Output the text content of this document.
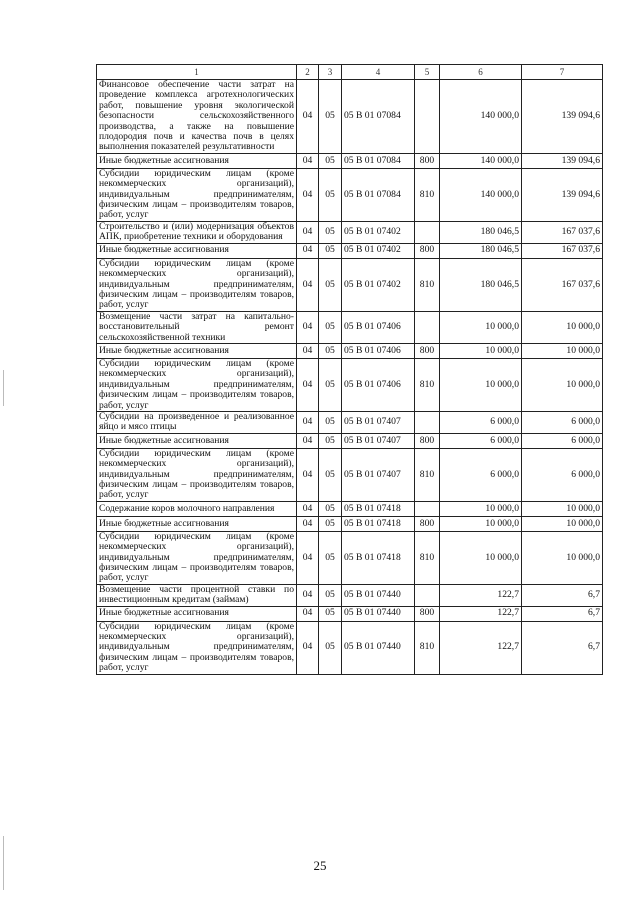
1	2	3	4	5	6	7
Финансовое обеспечение части затрат на проведение комплекса агротехнологических работ, повышение уровня экологической безопасности сельскохозяйственного производства, а также на повышение плодородия почв и качества почв в целях выполнения показателей результативности	04	05	05 В 01 07084		140 000,0	139 094,6
Иные бюджетные ассигнования	04	05	05 В 01 07084	800	140 000,0	139 094,6
Субсидии юридическим лицам (кроме некоммерческих организаций), индивидуальным предпринимателям, физическим лицам – производителям товаров, работ, услуг	04	05	05 В 01 07084	810	140 000,0	139 094,6
Строительство и (или) модернизация объектов АПК, приобретение техники и оборудования	04	05	05 В 01 07402		180 046,5	167 037,6
Иные бюджетные ассигнования	04	05	05 В 01 07402	800	180 046,5	167 037,6
Субсидии юридическим лицам (кроме некоммерческих организаций), индивидуальным предпринимателям, физическим лицам – производителям товаров, работ, услуг	04	05	05 В 01 07402	810	180 046,5	167 037,6
Возмещение части затрат на капитально-восстановительный ремонт сельскохозяйственной техники	04	05	05 В 01 07406		10 000,0	10 000,0
Иные бюджетные ассигнования	04	05	05 В 01 07406	800	10 000,0	10 000,0
Субсидии юридическим лицам (кроме некоммерческих организаций), индивидуальным предпринимателям, физическим лицам – производителям товаров, работ, услуг	04	05	05 В 01 07406	810	10 000,0	10 000,0
Субсидии на произведенное и реализованное яйцо и мясо птицы	04	05	05 В 01 07407		6 000,0	6 000,0
Иные бюджетные ассигнования	04	05	05 В 01 07407	800	6 000,0	6 000,0
Субсидии юридическим лицам (кроме некоммерческих организаций), индивидуальным предпринимателям, физическим лицам – производителям товаров, работ, услуг	04	05	05 В 01 07407	810	6 000,0	6 000,0
Содержание коров молочного направления	04	05	05 В 01 07418		10 000,0	10 000,0
Иные бюджетные ассигнования	04	05	05 В 01 07418	800	10 000,0	10 000,0
Субсидии юридическим лицам (кроме некоммерческих организаций), индивидуальным предпринимателям, физическим лицам – производителям товаров, работ, услуг	04	05	05 В 01 07418	810	10 000,0	10 000,0
Возмещение части процентной ставки по инвестиционным кредитам (займам)	04	05	05 В 01 07440		122,7	6,7
Иные бюджетные ассигнования	04	05	05 В 01 07440	800	122,7	6,7
Субсидии юридическим лицам (кроме некоммерческих организаций), индивидуальным предпринимателям, физическим лицам – производителям товаров, работ, услуг	04	05	05 В 01 07440	810	122,7	6,7
25
